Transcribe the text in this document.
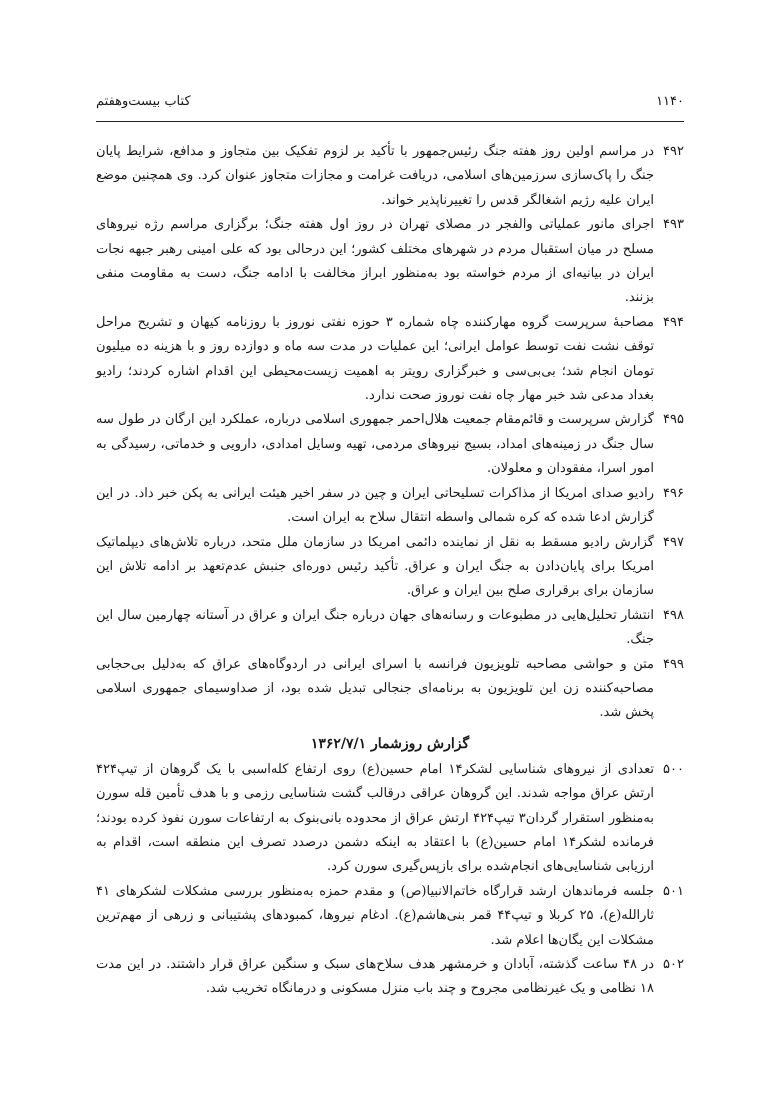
کتاب بیست‌وهفتم	۱۱۴۰
۴۹۲
در مراسم اولین روز هفته جنگ رئیس‌جمهور با تأکید بر لزوم تفکیک بین متجاوز و مدافع، شرایط پایان جنگ را پاک‌سازی سرزمین‌های اسلامی، دریافت غرامت و مجازات متجاوز عنوان کرد. وی همچنین موضع ایران علیه رژیم اشغالگر قدس را تغییرناپذیر خواند.
۴۹۳
اجرای مانور عملیاتی والفجر در مصلای تهران در روز اول هفته جنگ؛ برگزاری مراسم رژه نیروهای مسلح در میان استقبال مردم در شهرهای مختلف کشور؛ این درحالی بود که علی امینی رهبر جبهه نجات ایران در بیانیه‌ای از مردم خواسته بود به‌منظور ابراز مخالفت با ادامه جنگ، دست به مقاومت منفی بزنند.
۴۹۴
مصاحبهٔ سرپرست گروه مهارکننده چاه شماره ۳ حوزه نفتی نوروز با روزنامه کیهان و تشریح مراحل توقف نشت نفت توسط عوامل ایرانی؛ این عملیات در مدت سه ماه و دوازده روز و با هزینه ده میلیون تومان انجام شد؛ بی‌بی‌سی و خبرگزاری رویتر به اهمیت زیست‌محیطی این اقدام اشاره کردند؛ رادیو بغداد مدعی شد خبر مهار چاه نفت نوروز صحت ندارد.
۴۹۵
گزارش سرپرست و قائم‌مقام جمعیت هلال‌احمر جمهوری اسلامی درباره، عملکرد این ارگان در طول سه سال جنگ در زمینه‌های امداد، بسیج نیروهای مردمی، تهیه وسایل امدادی، دارویی و خدماتی، رسیدگی به امور اسرا، مفقودان و معلولان.
۴۹۶
رادیو صدای امریکا از مذاکرات تسلیحاتی ایران و چین در سفر اخیر هیئت ایرانی به پکن خبر داد. در این گزارش ادعا شده که کره شمالی واسطه انتقال سلاح به ایران است.
۴۹۷
گزارش رادیو مسقط به نقل از نماینده دائمی امریکا در سازمان ملل متحد، درباره تلاش‌های دیپلماتیک امریکا برای پایان‌دادن به جنگ ایران و عراق. تأکید رئیس دوره‌ای جنبش عدم‌تعهد بر ادامه تلاش این سازمان برای برقراری صلح بین ایران و عراق.
۴۹۸
انتشار تحلیل‌هایی در مطبوعات و رسانه‌های جهان درباره جنگ ایران و عراق در آستانه چهارمین سال این جنگ.
۴۹۹
متن و حواشی مصاحبه تلویزیون فرانسه با اسرای ایرانی در اردوگاه‌های عراق که به‌دلیل بی‌حجابی مصاحبه‌کننده زن این تلویزیون به برنامه‌ای جنجالی تبدیل شده بود، از صداوسیمای جمهوری اسلامی پخش شد.
گزارش روزشمار ۱۳۶۲/۷/۱
۵۰۰
تعدادی از نیروهای شناسایی لشکر۱۴ امام حسین(ع) روی ارتفاع کله‌اسبی با یک گروهان از تیپ۴۲۴ ارتش عراق مواجه شدند. این گروهان عراقی درقالب گشت شناسایی رزمی و با هدف تأمین قله سورن به‌منظور استقرار گردان۳ تیپ۴۲۴ ارتش عراق از محدوده بانی‌بنوک به ارتفاعات سورن نفوذ کرده بودند؛ فرمانده لشکر۱۴ امام حسین(ع) با اعتقاد به اینکه دشمن درصدد تصرف این منطقه است، اقدام به ارزیابی شناسایی‌های انجام‌شده برای بازپس‌گیری سورن کرد.
۵۰۱
جلسه فرماندهان ارشد قرارگاه خاتم‌الانبیا(ص) و مقدم حمزه به‌منظور بررسی مشکلات لشکرهای ۴۱ ثارالله(ع)، ۲۵ کربلا و تیپ۴۴ قمر بنی‌هاشم(ع). ادغام نیروها، کمبودهای پشتیبانی و زرهی از مهم‌ترین مشکلات این یگان‌ها اعلام شد.
۵۰۲
در ۴۸ ساعت گذشته، آبادان و خرمشهر هدف سلاح‌های سبک و سنگین عراق قرار داشتند. در این مدت ۱۸ نظامی و یک غیرنظامی مجروح و چند باب منزل مسکونی و درمانگاه تخریب شد.
